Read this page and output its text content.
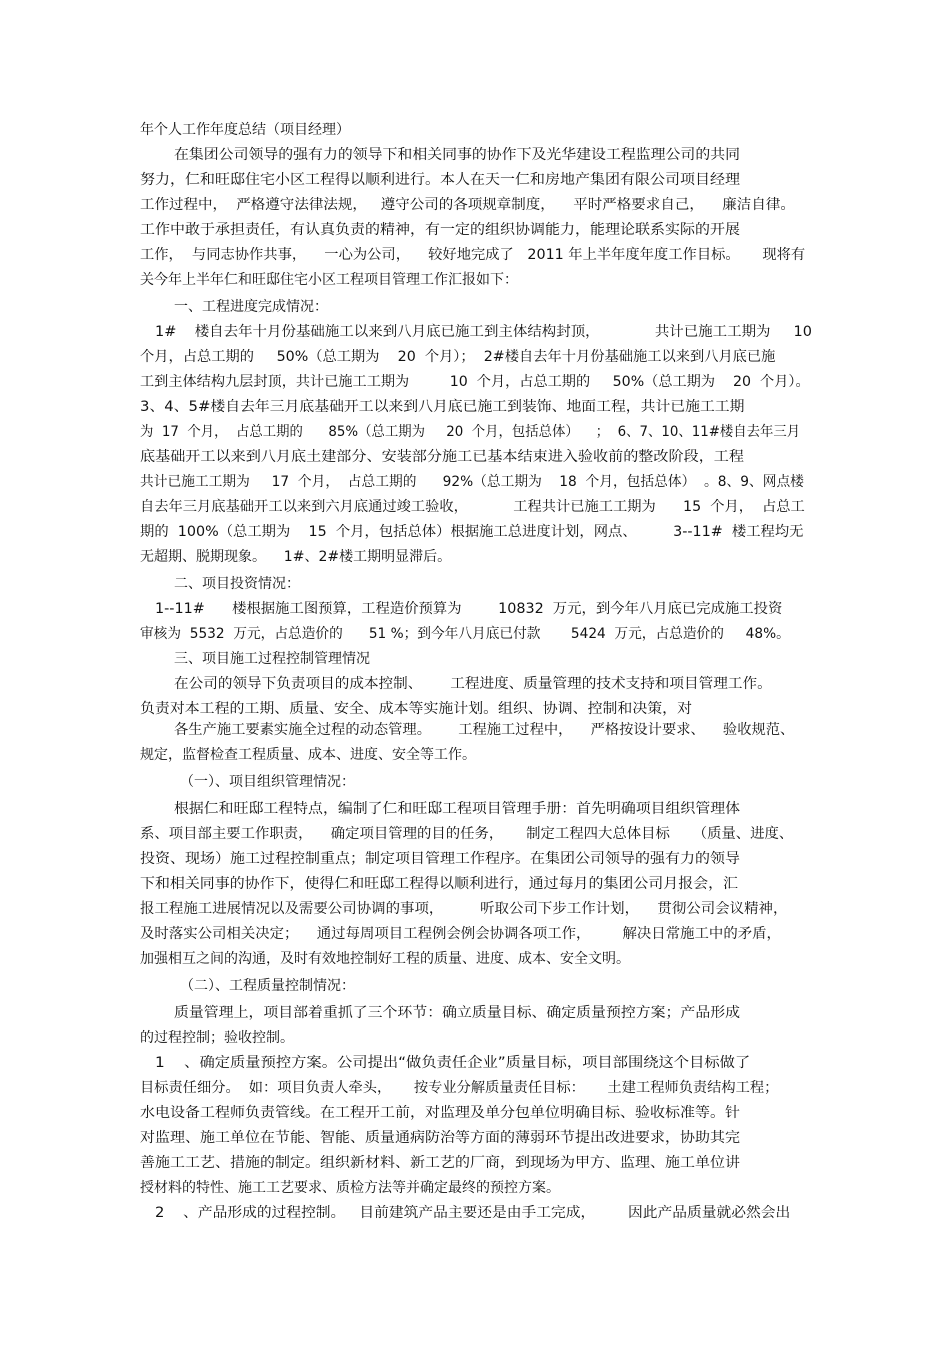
年个人工作年度总结（项目经理）
在集团公司领导的强有力的领导下和相关同事的协作下及光华建设工程监理公司的共同
努力，仁和旺邸住宅小区工程得以顺利进行。本人在天一仁和房地产集团有限公司项目经理
工作过程中，  严格遵守法律法规，   遵守公司的各项规章制度，    平时严格要求自己，    廉洁自律。
工作中敢于承担责任，有认真负责的精神，有一定的组织协调能力，能理论联系实际的开展
工作，  与同志协作共事，    一心为公司，    较好地完成了   2011 年上半年度年度工作目标。     现将有
关今年上半年仁和旺邸住宅小区工程项目管理工作汇报如下：
一、工程进度完成情况：
1#    楼自去年十月份基础施工以来到八月底已施工到主体结构封顶，            共计已施工工期为     10
个月，占总工期的     50%（总工期为    20  个月）；  2#楼自去年十月份基础施工以来到八月底已施
工到主体结构九层封顶，共计已施工工期为         10  个月，占总工期的     50%（总工期为    20  个月）。
3、4、5#楼自去年三月底基础开工以来到八月底已施工到装饰、地面工程，共计已施工工期
为  17  个月，  占总工期的      85%（总工期为     20  个月，包括总体）    ；  6、7、10、11#楼自去年三月
底基础开工以来到八月底土建部分、安装部分施工已基本结束进入验收前的整改阶段，工程
共计已施工工期为     17  个月，  占总工期的      92%（总工期为    18  个月，包括总体）  。8、9、网点楼
自去年三月底基础开工以来到六月底通过竣工验收，          工程共计已施工工期为      15  个月，  占总工
期的  100%（总工期为    15  个月，包括总体）根据施工总进度计划，网点、        3--11#  楼工程均无
无超期、脱期现象。    1#、2#楼工期明显滞后。
二、项目投资情况：
1--11#      楼根据施工图预算，工程造价预算为        10832  万元，到今年八月底已完成施工投资
审核为  5532  万元，占总造价的      51 %；到今年八月底已付款       5424  万元，占总造价的     48%。
三、项目施工过程控制管理情况
在公司的领导下负责项目的成本控制、      工程进度、质量管理的技术支持和项目管理工作。
负责对本工程的工期、质量、安全、成本等实施计划。组织、协调、控制和决策，对
各生产施工要素实施全过程的动态管理。      工程施工过程中，    严格按设计要求、    验收规范、
规定，监督检查工程质量、成本、进度、安全等工作。
（一）、项目组织管理情况：
根据仁和旺邸工程特点，编制了仁和旺邸工程项目管理手册：首先明确项目组织管理体
系、项目部主要工作职责，    确定项目管理的目的任务，     制定工程四大总体目标     （质量、进度、
投资、现场）施工过程控制重点；制定项目管理工作程序。在集团公司领导的强有力的领导
下和相关同事的协作下，使得仁和旺邸工程得以顺利进行，通过每月的集团公司月报会，汇
报工程施工进展情况以及需要公司协调的事项，        听取公司下步工作计划，    贯彻公司会议精神，
及时落实公司相关决定；    通过每周项目工程例会例会协调各项工作，       解决日常施工中的矛盾，
加强相互之间的沟通，及时有效地控制好工程的质量、进度、成本、安全文明。
（二）、工程质量控制情况：
质量管理上，项目部着重抓了三个环节：确立质量目标、确定质量预控方案；产品形成
的过程控制；验收控制。
1    、确定质量预控方案。公司提出“做负责任企业”质量目标，项目部围绕这个目标做了
目标责任细分。  如：项目负责人牵头，     按专业分解质量责任目标：     土建工程师负责结构工程；
水电设备工程师负责管线。在工程开工前，对监理及单分包单位明确目标、验收标准等。针
对监理、施工单位在节能、智能、质量通病防治等方面的薄弱环节提出改进要求，协助其完
善施工工艺、措施的制定。组织新材料、新工艺的厂商，到现场为甲方、监理、施工单位讲
授材料的特性、施工工艺要求、质检方法等并确定最终的预控方案。
2    、产品形成的过程控制。   目前建筑产品主要还是由手工完成，       因此产品质量就必然会出
